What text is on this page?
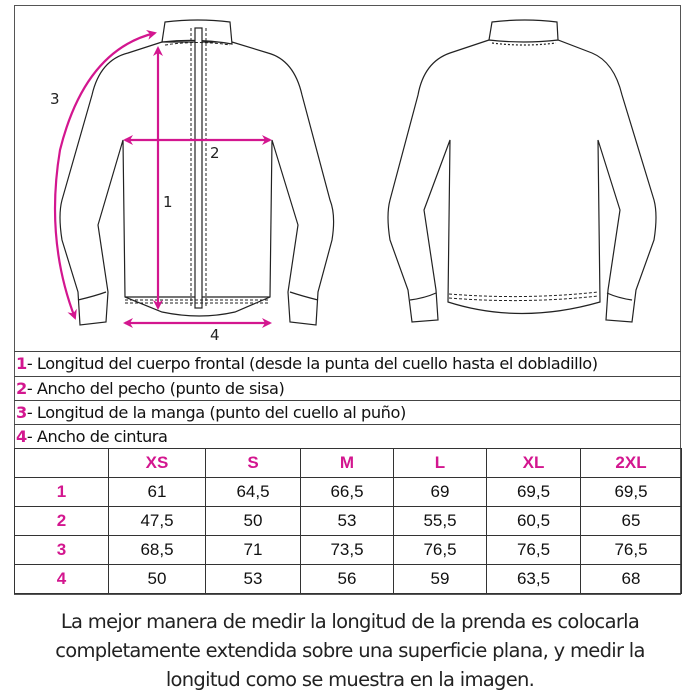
1
2
3
4
1- Longitud del cuerpo frontal (desde la punta del cuello hasta el dobladillo)
2- Ancho del pecho (punto de sisa)
3- Longitud de la manga (punto del cuello al puño)
4- Ancho de cintura
	XS	S	M	L	XL	2XL
1	61	64,5	66,5	69	69,5	69,5
2	47,5	50	53	55,5	60,5	65
3	68,5	71	73,5	76,5	76,5	76,5
4	50	53	56	59	63,5	68
La mejor manera de medir la longitud de la prenda es colocarla
completamente extendida sobre una superficie plana, y medir la
longitud como se muestra en la imagen.
